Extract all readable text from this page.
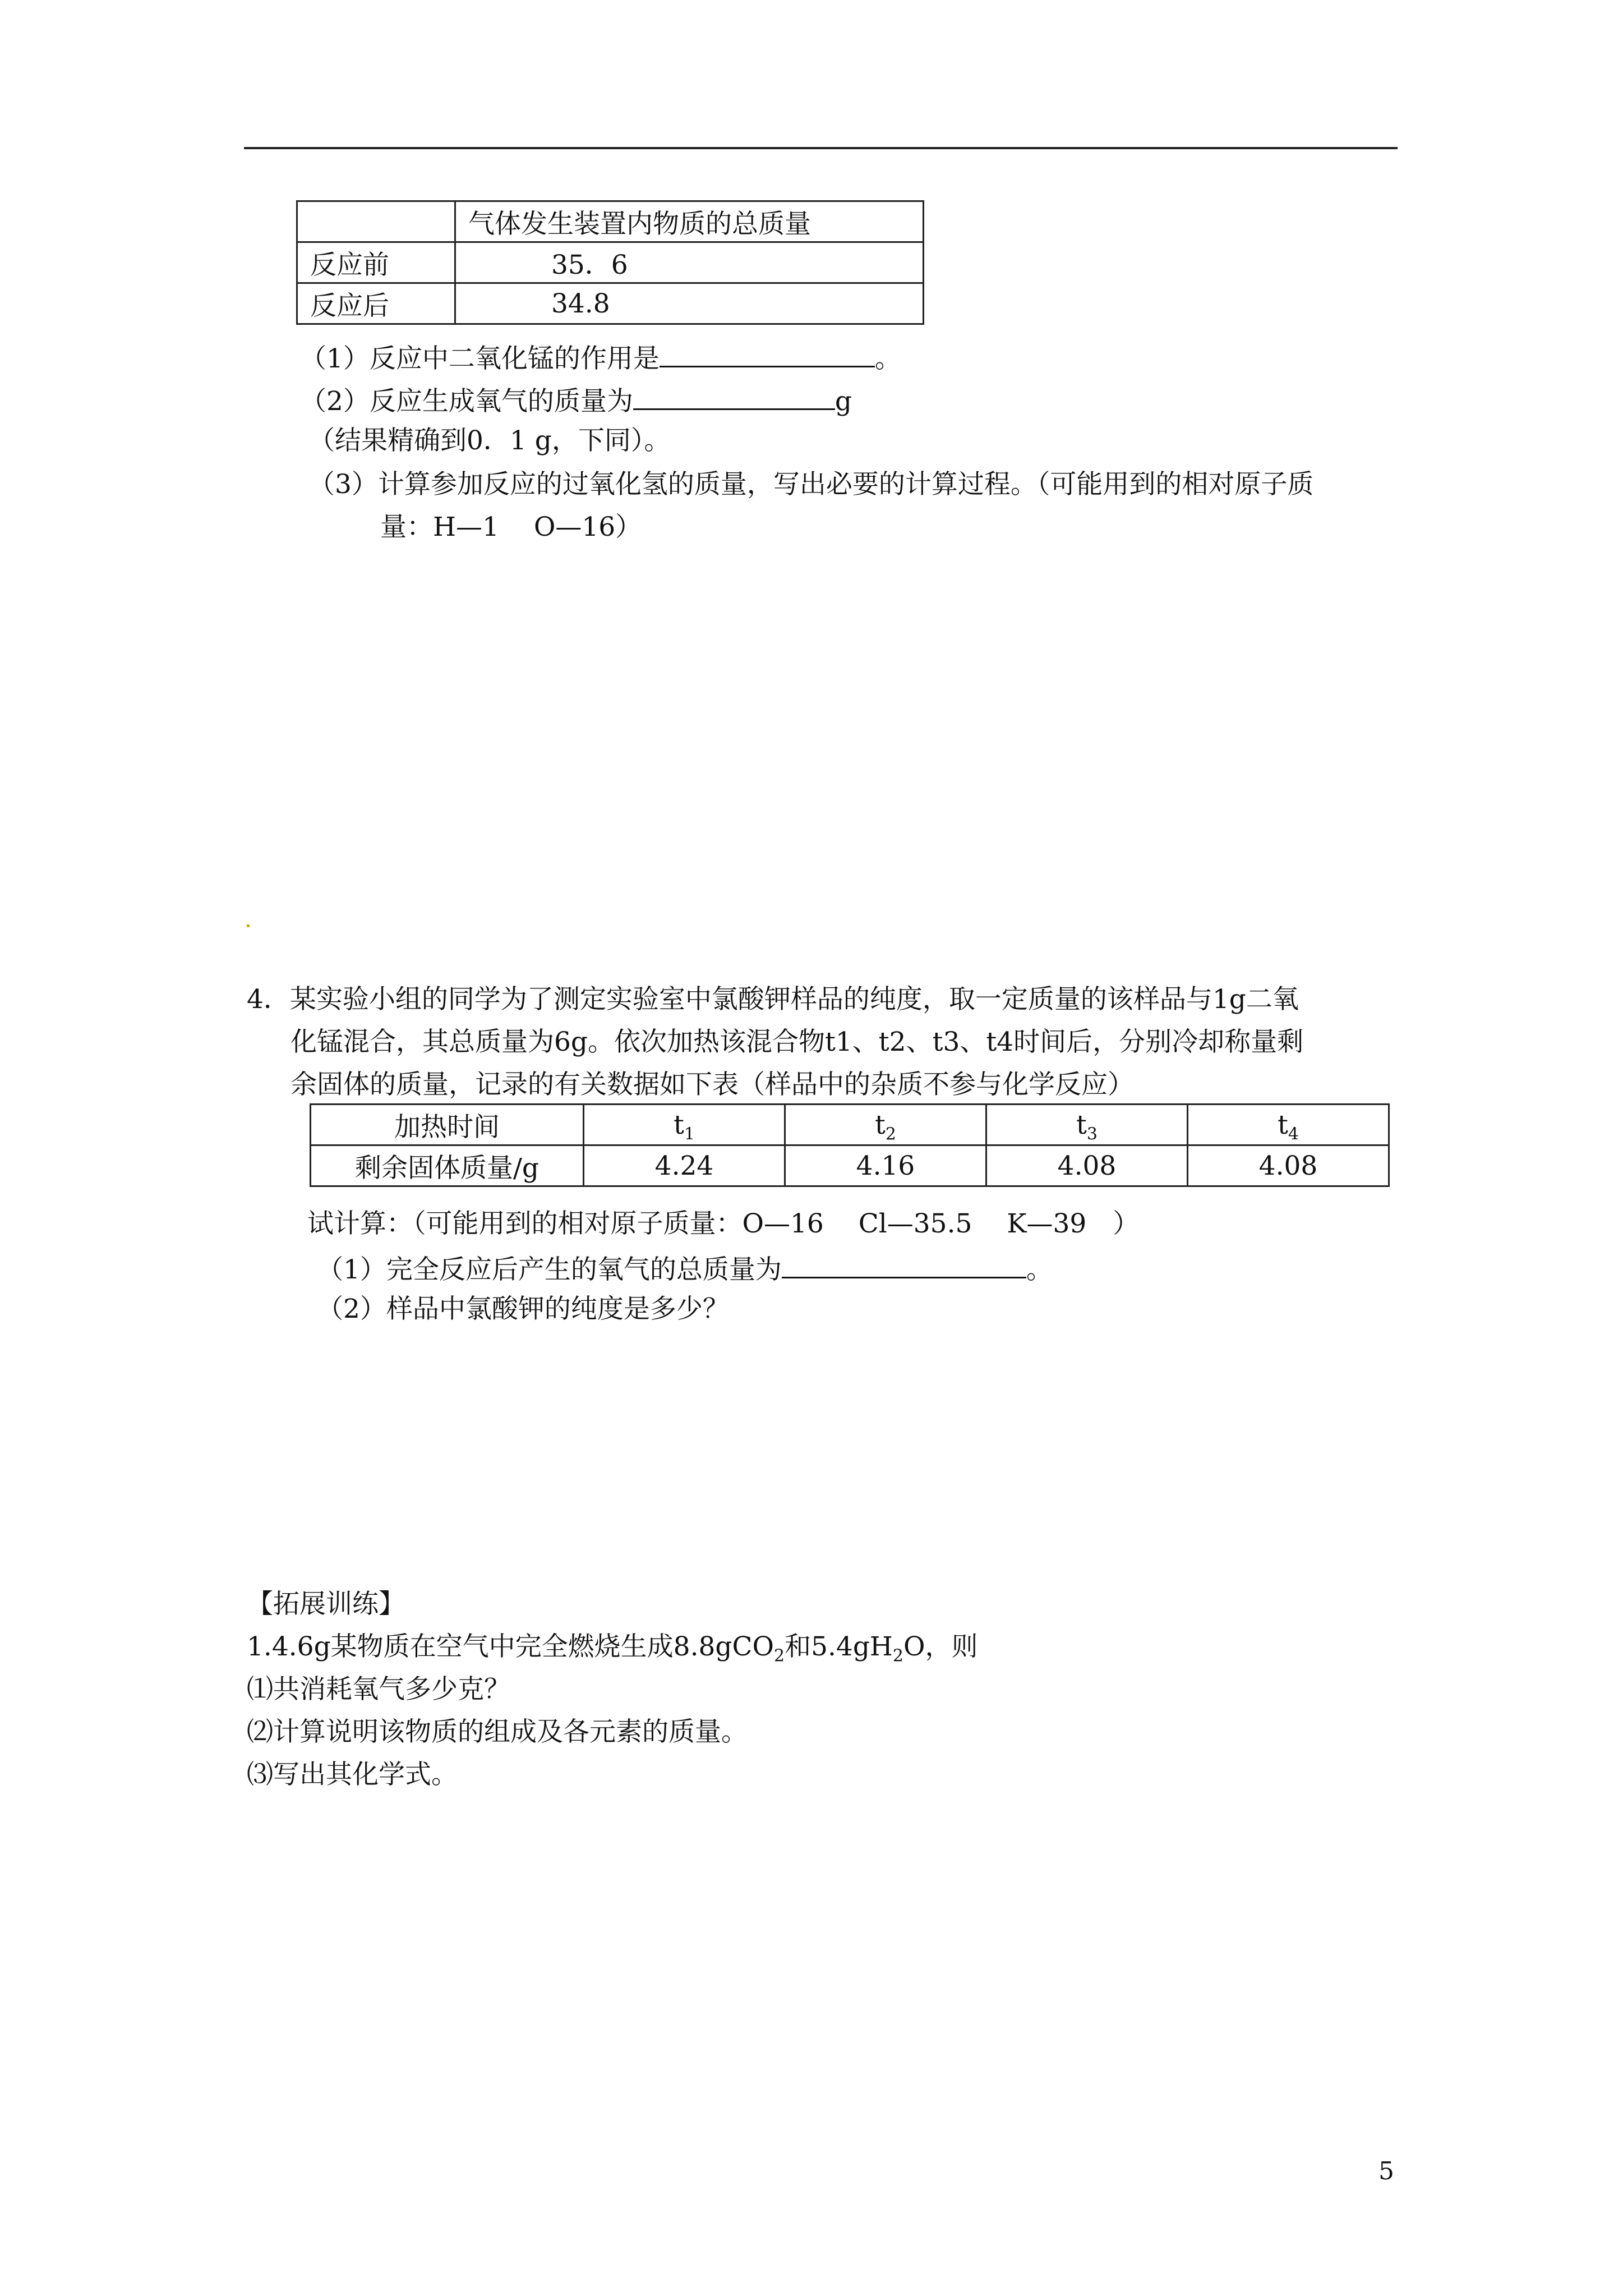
	气体发生装置内物质的总质量
反应前	35．6
反应后	34.8
（1）反应中二氧化锰的作用是	。
（2）反应生成氧气的质量为	g
（结果精确到0．1 g，下同）。
（3）计算参加反应的过氧化氢的质量，写出必要的计算过程。（可能用到的相对原子质
量：H—1　 O—16）
4．某实验小组的同学为了测定实验室中氯酸钾样品的纯度，取一定质量的该样品与1g二氧
化锰混合，其总质量为6g。依次加热该混合物t1、t2、t3、t4时间后，分别冷却称量剩
余固体的质量，记录的有关数据如下表（样品中的杂质不参与化学反应）
加热时间	$t_1$	$t_2$	$t_3$	$t_4$
剩余固体质量/g	4.24	4.16	4.08	4.08
试计算：（可能用到的相对原子质量：O—16　 Cl—35.5　 K—39　）
（1）完全反应后产生的氧气的总质量为	。
（2）样品中氯酸钾的纯度是多少？
【拓展训练】
1.4.6g某物质在空气中完全燃烧生成8.8gCO$_2$和$5.4gH_2O$，则
⑴共消耗氧气多少克？
⑵计算说明该物质的组成及各元素的质量。
⑶写出其化学式。
5
